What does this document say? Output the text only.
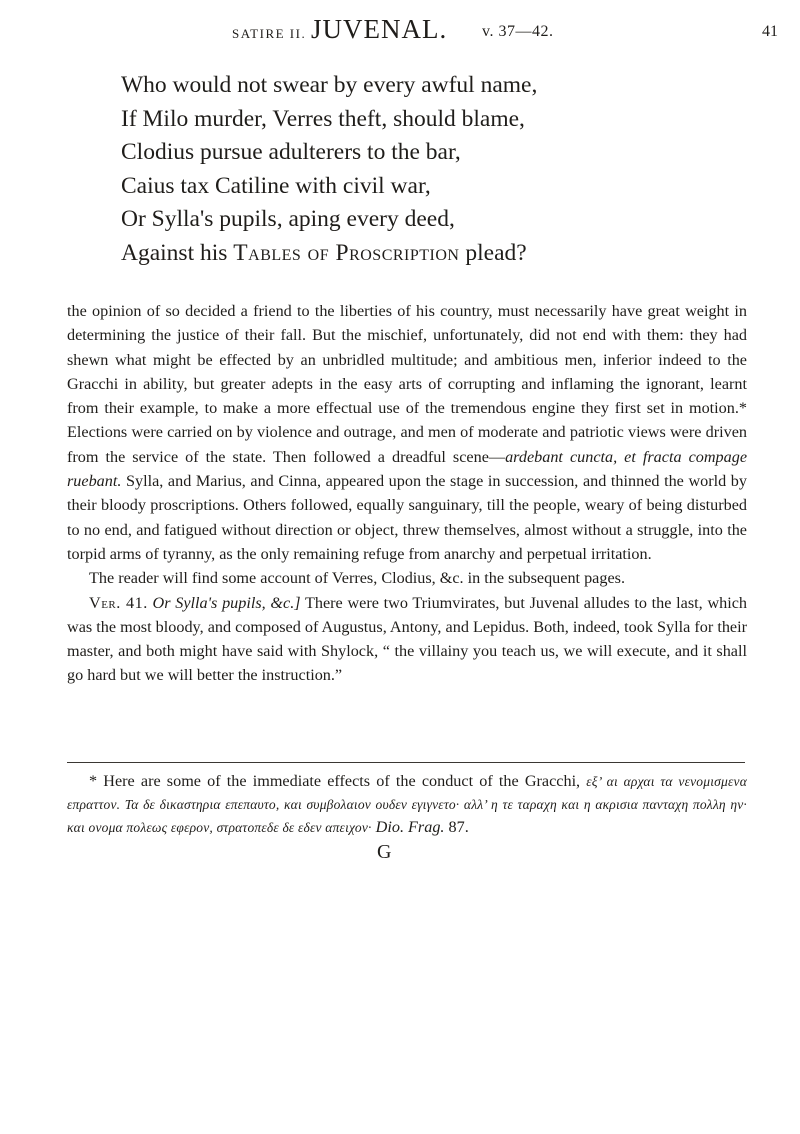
SATIRE II. JUVENAL. v. 37—42.	41
Who would not swear by every awful name,
If Milo murder, Verres theft, should blame,
Clodius pursue adulterers to the bar,
Caius tax Catiline with civil war,
Or Sylla's pupils, aping every deed,
Against his Tables of Proscription plead?

the opinion of so decided a friend to the liberties of his country, must necessarily have great weight in determining the justice of their fall. But the mischief, unfortunately, did not end with them: they had shewn what might be effected by an unbridled multitude; and ambitious men, inferior indeed to the Gracchi in ability, but greater adepts in the easy arts of corrupting and inflaming the ignorant, learnt from their example, to make a more effectual use of the tremendous engine they first set in motion.* Elections were carried on by violence and outrage, and men of moderate and patriotic views were driven from the service of the state. Then followed a dreadful scene—ardebant cuncta, et fracta compage ruebant. Sylla, and Marius, and Cinna, appeared upon the stage in succession, and thinned the world by their bloody proscriptions. Others followed, equally sanguinary, till the people, weary of being disturbed to no end, and fatigued without direction or object, threw themselves, almost without a struggle, into the torpid arms of tyranny, as the only remaining refuge from anarchy and perpetual irritation.

The reader will find some account of Verres, Clodius, &c. in the subsequent pages.

Ver. 41. Or Sylla's pupils, &c.] There were two Triumvirates, but Juvenal alludes to the last, which was the most bloody, and composed of Augustus, Antony, and Lepidus. Both, indeed, took Sylla for their master, and both might have said with Shylock, “ the villainy you teach us, we will execute, and it shall go hard but we will better the instruction.”

* Here are some of the immediate effects of the conduct of the Gracchi, εξ’ αι αρχαι τα νενομισμενα επραττον. Τα δε δικαστηρια επεπαυτο, και συμβολαιον ουδεν εγιγνετο· αλλ’ η τε ταραχη και η ακρισια πανταχη πολλη ην· και ονομα πολεως εφερον, στρατοπεδε δε εδεν απειχον· Dio. Frag. 87.

G
